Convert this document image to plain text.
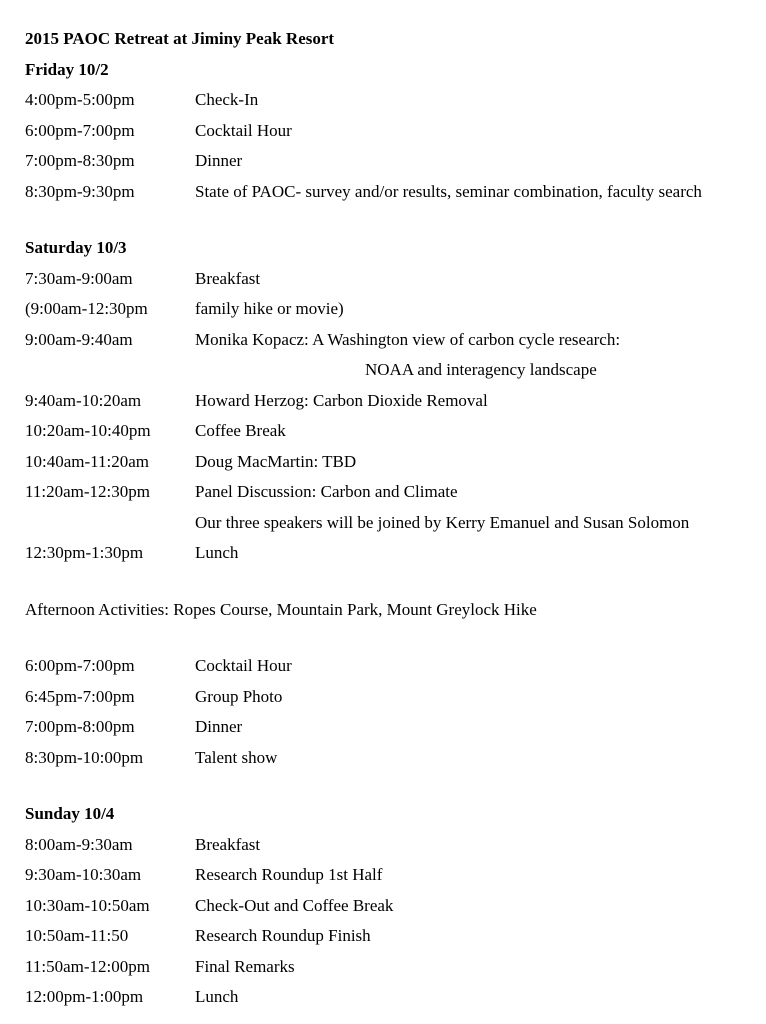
2015 PAOC Retreat at Jiminy Peak Resort
Friday 10/2
4:00pm-5:00pm	Check-In
6:00pm-7:00pm	Cocktail Hour
7:00pm-8:30pm	Dinner
8:30pm-9:30pm	State of PAOC- survey and/or results, seminar combination, faculty search
Saturday 10/3
7:30am-9:00am	Breakfast
(9:00am-12:30pm	family hike or movie)
9:00am-9:40am	Monika Kopacz: A Washington view of carbon cycle research:
NOAA and interagency landscape
9:40am-10:20am	Howard Herzog: Carbon Dioxide Removal
10:20am-10:40pm	Coffee Break
10:40am-11:20am	Doug MacMartin: TBD
11:20am-12:30pm	Panel Discussion: Carbon and Climate
Our three speakers will be joined by Kerry Emanuel and Susan Solomon
12:30pm-1:30pm	Lunch
Afternoon Activities: Ropes Course, Mountain Park, Mount Greylock Hike
6:00pm-7:00pm	Cocktail Hour
6:45pm-7:00pm	Group Photo
7:00pm-8:00pm	Dinner
8:30pm-10:00pm	Talent show
Sunday 10/4
8:00am-9:30am	Breakfast
9:30am-10:30am	Research Roundup 1st Half
10:30am-10:50am	Check-Out and Coffee Break
10:50am-11:50	Research Roundup Finish
11:50am-12:00pm	Final Remarks
12:00pm-1:00pm	Lunch
